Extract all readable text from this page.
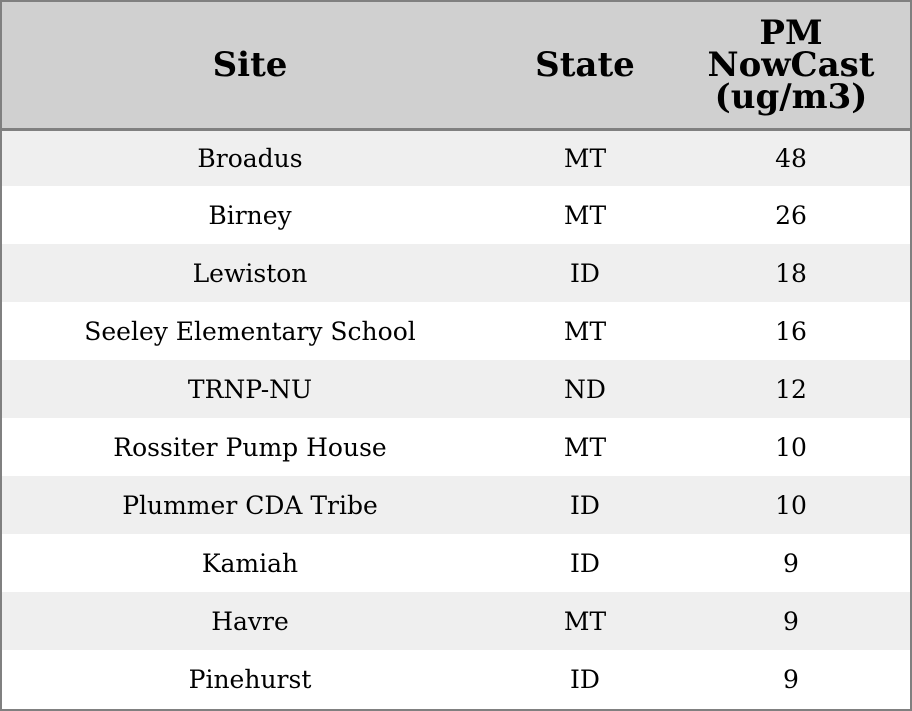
Site	State	PM
NowCast
(ug/m3)

Broadus	MT	48
Birney	MT	26
Lewiston	ID	18
Seeley Elementary School	MT	16
TRNP-NU	ND	12
Rossiter Pump House	MT	10
Plummer CDA Tribe	ID	10
Kamiah	ID	9
Havre	MT	9
Pinehurst	ID	9
